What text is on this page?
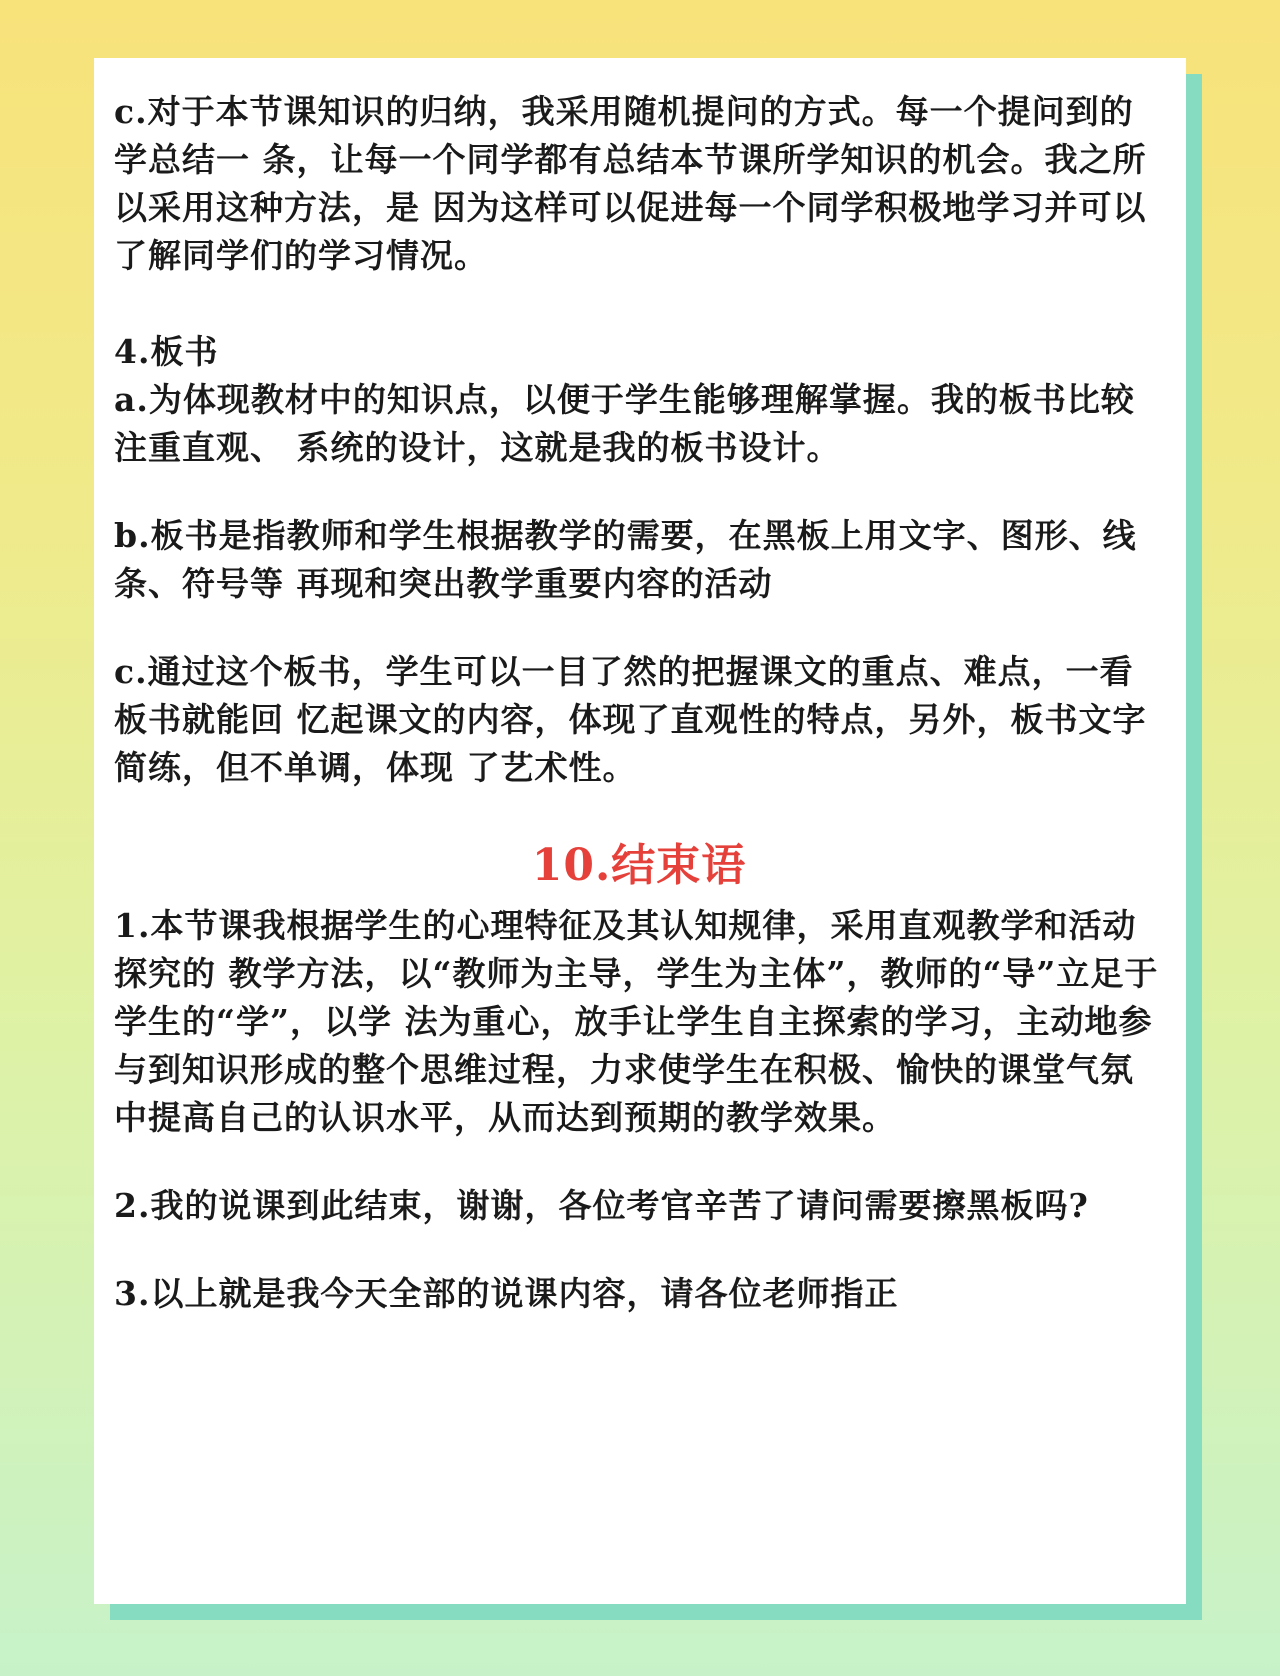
c.对于本节课知识的归纳，我采用随机提问的方式。每一个提问到的学总结一 条，让每一个同学都有总结本节课所学知识的机会。我之所以采用这种方法，是 因为这样可以促进每一个同学积极地学习并可以了解同学们的学习情况。

4.板书

a.为体现教材中的知识点，以便于学生能够理解掌握。我的板书比较注重直观、 系统的设计，这就是我的板书设计。

b.板书是指教师和学生根据教学的需要，在黑板上用文字、图形、线条、符号等 再现和突出教学重要内容的活动

c.通过这个板书，学生可以一目了然的把握课文的重点、难点，一看板书就能回 忆起课文的内容，体现了直观性的特点，另外，板书文字简练，但不单调，体现 了艺术性。

10.结束语

1.本节课我根据学生的心理特征及其认知规律，采用直观教学和活动探究的 教学方法，以“教师为主导，学生为主体”，教师的“导”立足于学生的“学”，以学 法为重心，放手让学生自主探索的学习，主动地参与到知识形成的整个思维过程，力求使学生在积极、愉快的课堂气氛中提高自己的认识水平，从而达到预期的教学效果。

2.我的说课到此结束，谢谢，各位考官辛苦了请问需要擦黑板吗?

3.以上就是我今天全部的说课内容，请各位老师指正
